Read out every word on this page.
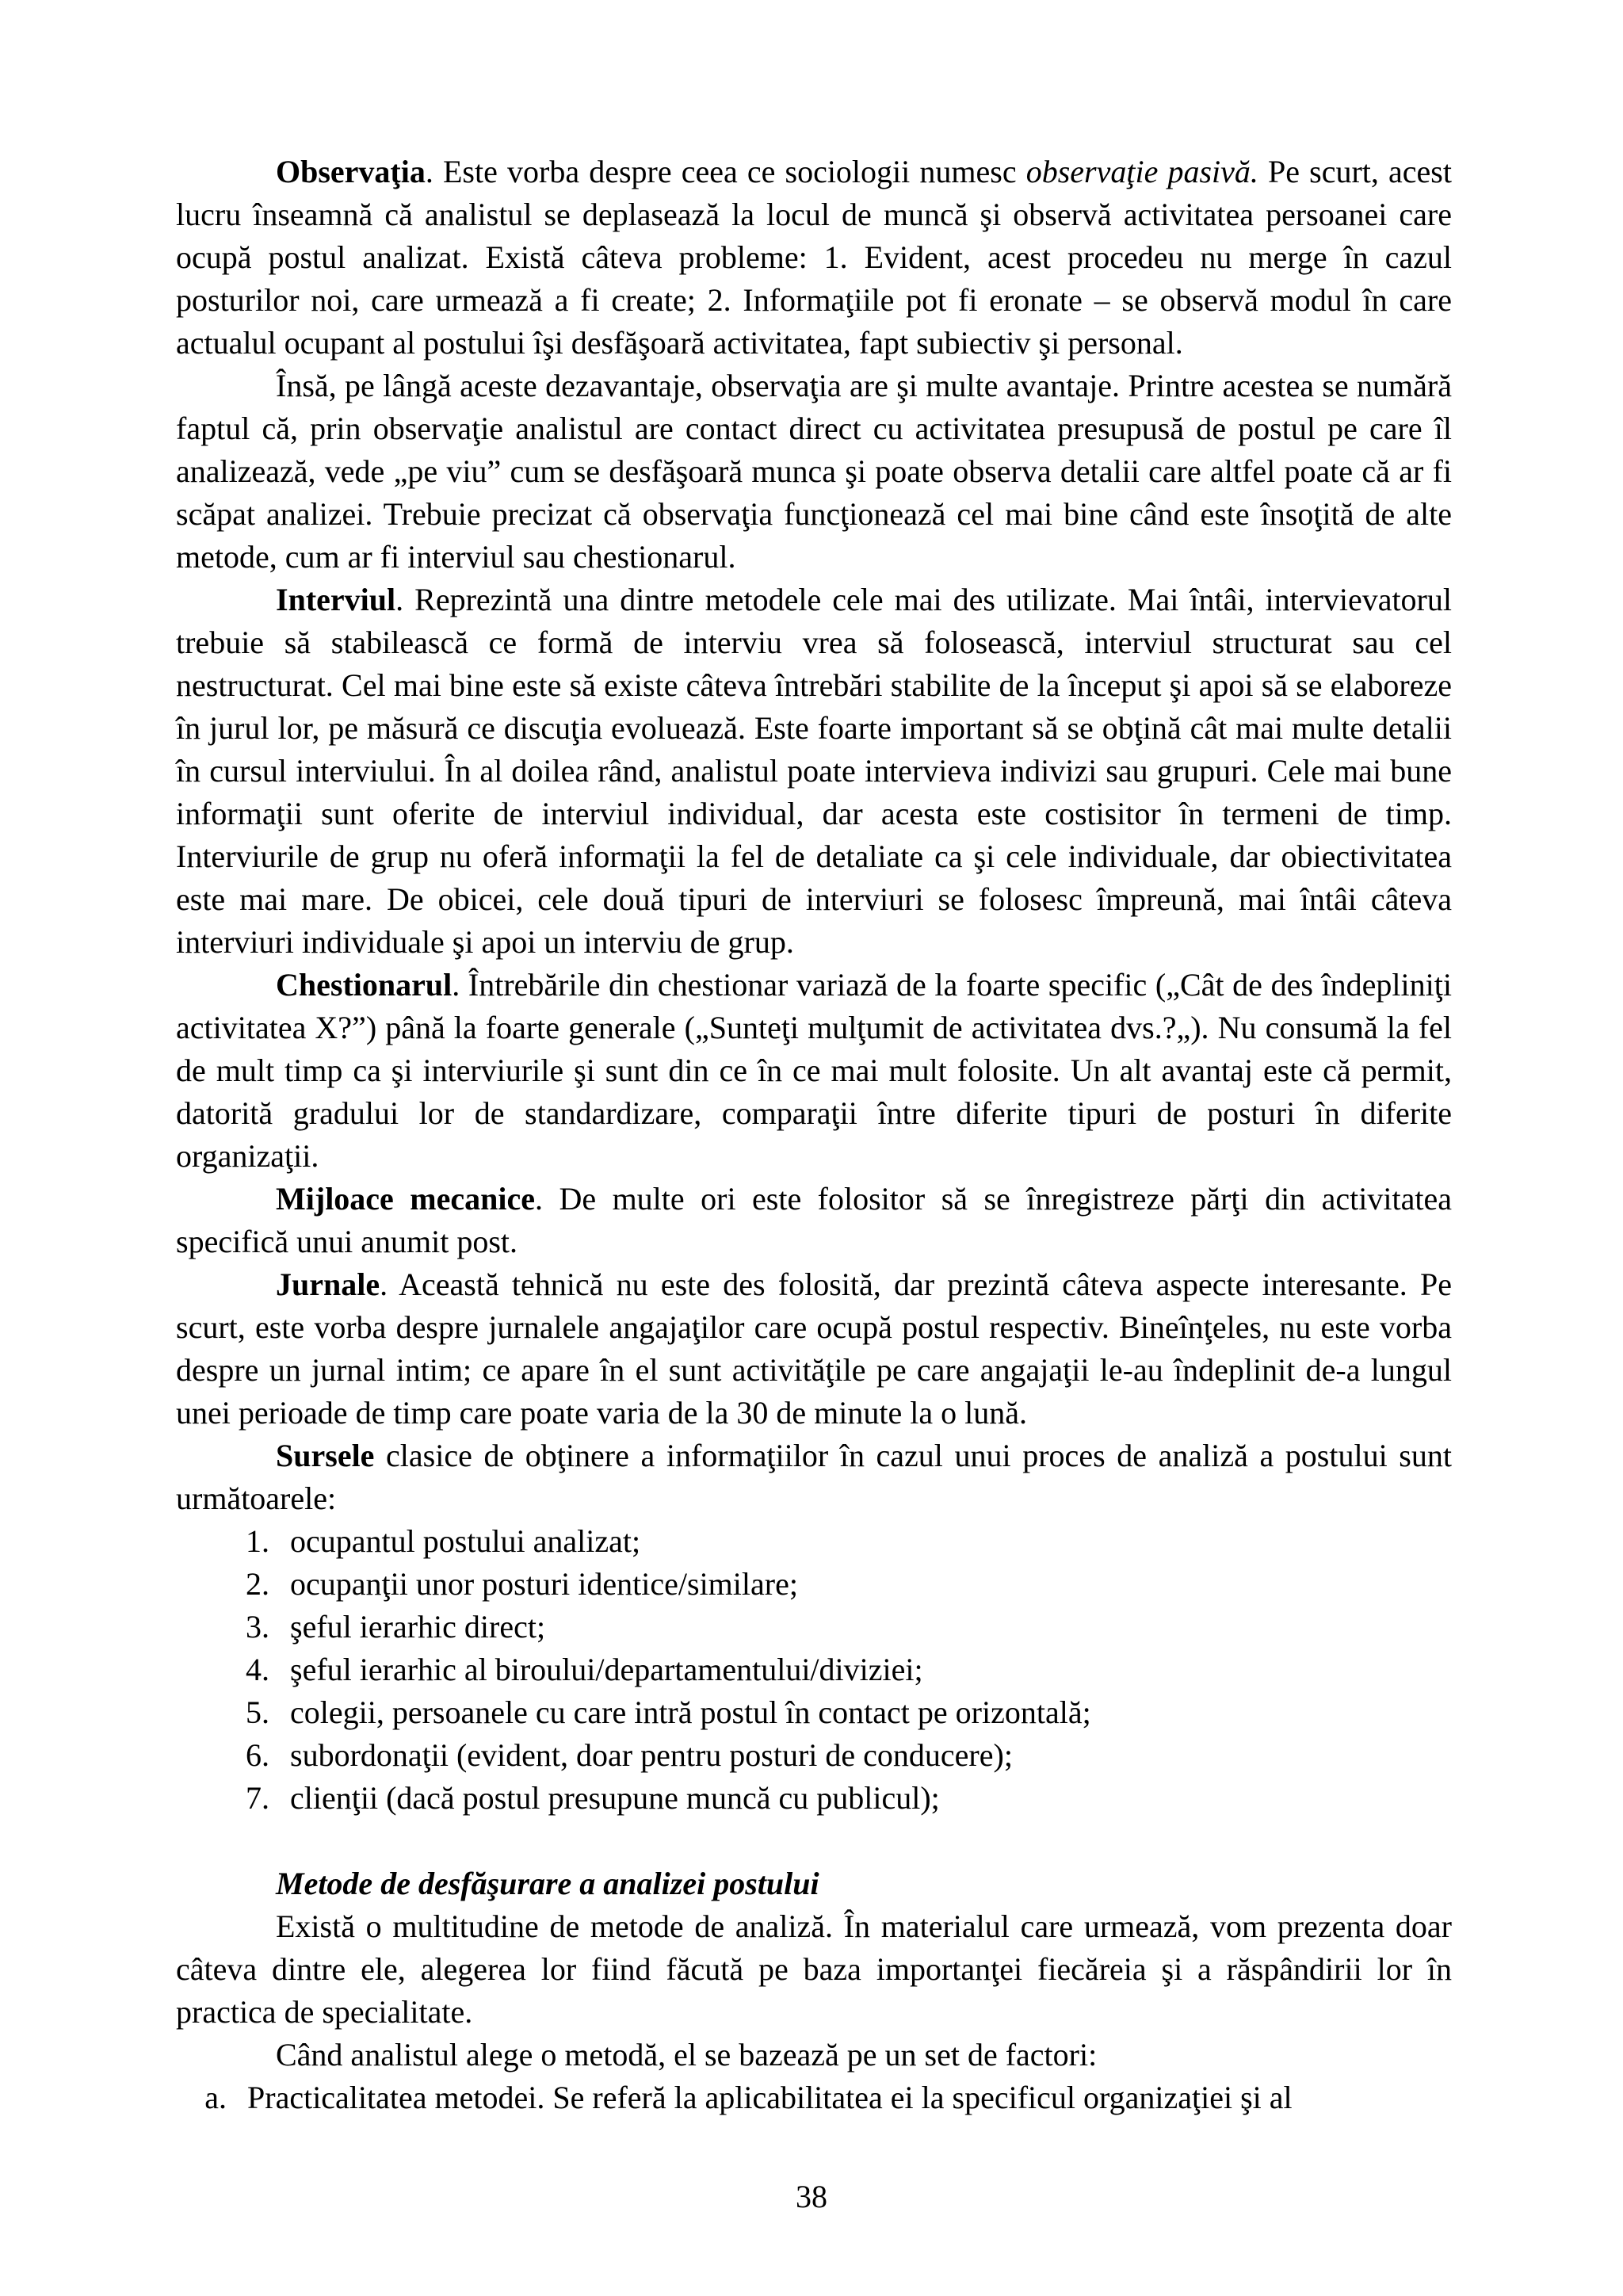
Observaţia. Este vorba despre ceea ce sociologii numesc observaţie pasivă. Pe scurt, acest lucru înseamnă că analistul se deplasează la locul de muncă şi observă activitatea persoanei care ocupă postul analizat. Există câteva probleme: 1. Evident, acest procedeu nu merge în cazul posturilor noi, care urmează a fi create; 2. Informaţiile pot fi eronate – se observă modul în care actualul ocupant al postului îşi desfăşoară activitatea, fapt subiectiv şi personal.

Însă, pe lângă aceste dezavantaje, observaţia are şi multe avantaje. Printre acestea se numără faptul că, prin observaţie analistul are contact direct cu activitatea presupusă de postul pe care îl analizează, vede „pe viu” cum se desfăşoară munca şi poate observa detalii care altfel poate că ar fi scăpat analizei. Trebuie precizat că observaţia funcţionează cel mai bine când este însoţită de alte metode, cum ar fi interviul sau chestionarul.

Interviul. Reprezintă una dintre metodele cele mai des utilizate. Mai întâi, intervievatorul trebuie să stabilească ce formă de interviu vrea să folosească, interviul structurat sau cel nestructurat. Cel mai bine este să existe câteva întrebări stabilite de la început şi apoi să se elaboreze în jurul lor, pe măsură ce discuţia evoluează. Este foarte important să se obţină cât mai multe detalii în cursul interviului. În al doilea rând, analistul poate intervieva indivizi sau grupuri. Cele mai bune informaţii sunt oferite de interviul individual, dar acesta este costisitor în termeni de timp. Interviurile de grup nu oferă informaţii la fel de detaliate ca şi cele individuale, dar obiectivitatea este mai mare. De obicei, cele două tipuri de interviuri se folosesc împreună, mai întâi câteva interviuri individuale şi apoi un interviu de grup.

Chestionarul. Întrebările din chestionar variază de la foarte specific („Cât de des îndepliniţi activitatea X?”) până la foarte generale („Sunteţi mulţumit de activitatea dvs.?„). Nu consumă la fel de mult timp ca şi interviurile şi sunt din ce în ce mai mult folosite. Un alt avantaj este că permit, datorită gradului lor de standardizare, comparaţii între diferite tipuri de posturi în diferite organizaţii.

Mijloace mecanice. De multe ori este folositor să se înregistreze părţi din activitatea specifică unui anumit post.

Jurnale. Această tehnică nu este des folosită, dar prezintă câteva aspecte interesante. Pe scurt, este vorba despre jurnalele angajaţilor care ocupă postul respectiv. Bineînţeles, nu este vorba despre un jurnal intim; ce apare în el sunt activităţile pe care angajaţii le-au îndeplinit de-a lungul unei perioade de timp care poate varia de la 30 de minute la o lună.

Sursele clasice de obţinere a informaţiilor în cazul unui proces de analiză a postului sunt următoarele:

1. ocupantul postului analizat;
2. ocupanţii unor posturi identice/similare;
3. şeful ierarhic direct;
4. şeful ierarhic al biroului/departamentului/diviziei;
5. colegii, persoanele cu care intră postul în contact pe orizontală;
6. subordonaţii (evident, doar pentru posturi de conducere);
7. clienţii (dacă postul presupune muncă cu publicul);
Metode de desfăşurare a analizei postului

Există o multitudine de metode de analiză. În materialul care urmează, vom prezenta doar câteva dintre ele, alegerea lor fiind făcută pe baza importanţei fiecăreia şi a răspândirii lor în practica de specialitate.

Când analistul alege o metodă, el se bazează pe un set de factori:

a. Practicalitatea metodei. Se referă la aplicabilitatea ei la specificul organizaţiei şi al
38
